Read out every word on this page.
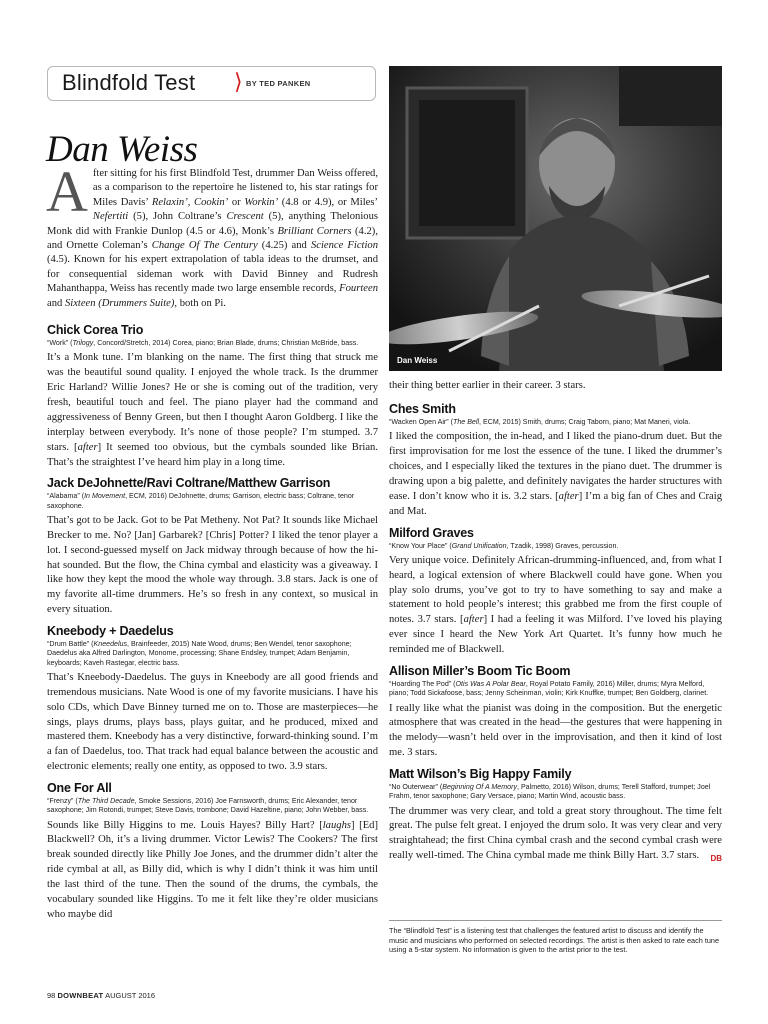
Blindfold Test ⟩ BY TED PANKEN
Dan Weiss
Dan Weiss
After sitting for his first Blindfold Test, drummer Dan Weiss offered, as a comparison to the repertoire he listened to, his star ratings for Miles Davis’ Relaxin’, Cookin’ or Workin’ (4.8 or 4.9), or Miles’ Nefertiti (5), John Coltrane’s Crescent (5), anything Thelonious Monk did with Frankie Dunlop (4.5 or 4.6), Monk’s Brilliant Corners (4.2), and Ornette Coleman’s Change Of The Century (4.25) and Science Fiction (4.5). Known for his expert extrapolation of tabla ideas to the drumset, and for consequential sideman work with David Binney and Rudresh Mahanthappa, Weiss has recently made two large ensemble records, Fourteen and Sixteen (Drummers Suite), both on Pi.
Chick Corea Trio
“Work” (Trilogy, Concord/Stretch, 2014) Corea, piano; Brian Blade, drums; Christian McBride, bass.

It’s a Monk tune. I’m blanking on the name. The first thing that struck me was the beautiful sound quality. I enjoyed the whole track. Is the drummer Eric Harland? Willie Jones? He or she is coming out of the tradition, very fresh, beautiful touch and feel. The piano player had the command and aggressiveness of Benny Green, but then I thought Aaron Goldberg. I like the interplay between everybody. It’s none of those people? I’m stumped. 3.7 stars. [after] It seemed too obvious, but the cymbals sounded like Brian. That’s the straightest I’ve heard him play in a long time.

Jack DeJohnette/Ravi Coltrane/Matthew Garrison
“Alabama” (In Movement, ECM, 2016) DeJohnette, drums; Garrison, electric bass; Coltrane, tenor saxophone.

That’s got to be Jack. Got to be Pat Metheny. Not Pat? It sounds like Michael Brecker to me. No? [Jan] Garbarek? [Chris] Potter? I liked the tenor player a lot. I second-guessed myself on Jack midway through because of how the hi-hat sounded. But the flow, the China cymbal and elasticity was a giveaway. I like how they kept the mood the whole way through. 3.8 stars. Jack is one of my favorite all-time drummers. He’s so fresh in any context, so musical in every situation.

Kneebody + Daedelus
“Drum Battle” (Kneedelus, Brainfeeder, 2015) Nate Wood, drums; Ben Wendel, tenor saxophone; Daedelus aka Alfred Darlington, Monome, processing; Shane Endsley, trumpet; Adam Benjamin, keyboards; Kaveh Rastegar, electric bass.

That’s Kneebody-Daedelus. The guys in Kneebody are all good friends and tremendous musicians. Nate Wood is one of my favorite musicians. I have his solo CDs, which Dave Binney turned me on to. Those are masterpieces—he sings, plays drums, plays bass, plays guitar, and he produced, mixed and mastered them. Kneebody has a very distinctive, forward-thinking sound. I’m a fan of Daedelus, too. That track had equal balance between the acoustic and electronic elements; really one entity, as opposed to two. 3.9 stars.

One For All
“Frenzy” (The Third Decade, Smoke Sessions, 2016) Joe Farnsworth, drums; Eric Alexander, tenor saxophone; Jim Rotondi, trumpet; Steve Davis, trombone; David Hazeltine, piano; John Webber, bass.

Sounds like Billy Higgins to me. Louis Hayes? Billy Hart? [laughs] [Ed] Blackwell? Oh, it’s a living drummer. Victor Lewis? The Cookers? The first break sounded directly like Philly Joe Jones, and the drummer didn’t alter the ride cymbal at all, as Billy did, which is why I didn’t think it was him until the last third of the tune. Then the sound of the drums, the cymbals, the vocabulary sounded like Higgins. To me it felt like they’re older musicians who maybe did

their thing better earlier in their career. 3 stars.

Ches Smith
“Wacken Open Air” (The Bell, ECM, 2015) Smith, drums; Craig Taborn, piano; Mat Maneri, viola.

I liked the composition, the in-head, and I liked the piano-drum duet. But the first improvisation for me lost the essence of the tune. I liked the drummer’s choices, and I especially liked the textures in the piano duet. The drummer is drawing upon a big palette, and definitely navigates the harder structures with ease. I don’t know who it is. 3.2 stars. [after] I’m a big fan of Ches and Craig and Mat.

Milford Graves
“Know Your Place” (Grand Unification, Tzadik, 1998) Graves, percussion.

Very unique voice. Definitely African-drumming-influenced, and, from what I heard, a logical extension of where Blackwell could have gone. When you play solo drums, you’ve got to try to have something to say and make a statement to hold people’s interest; this grabbed me from the first couple of notes. 3.7 stars. [after] I had a feeling it was Milford. I’ve loved his playing ever since I heard the New York Art Quartet. It’s funny how much he reminded me of Blackwell.

Allison Miller’s Boom Tic Boom
“Hoarding The Pod” (Otis Was A Polar Bear, Royal Potato Family, 2016) Miller, drums; Myra Melford, piano; Todd Sickafoose, bass; Jenny Scheinman, violin; Kirk Knuffke, trumpet; Ben Goldberg, clarinet.

I really like what the pianist was doing in the composition. But the energetic atmosphere that was created in the head—the gestures that were happening in the melody—wasn’t held over in the improvisation, and then it kind of lost me. 3 stars.

Matt Wilson’s Big Happy Family
“No Outerwear” (Beginning Of A Memory, Palmetto, 2016) Wilson, drums; Terell Stafford, trumpet; Joel Frahm, tenor saxophone; Gary Versace, piano; Martin Wind, acoustic bass.

The drummer was very clear, and told a great story throughout. The time felt great. The pulse felt great. I enjoyed the drum solo. It was very clear and very straightahead; the first China cymbal crash and the second cymbal crash were really well-timed. The China cymbal made me think Billy Hart. 3.7 stars. DB

The “Blindfold Test” is a listening test that challenges the featured artist to discuss and identify the music and musicians who performed on selected recordings. The artist is then asked to rate each tune using a 5-star system. No information is given to the artist prior to the test.
98 DOWNBEAT AUGUST 2016
